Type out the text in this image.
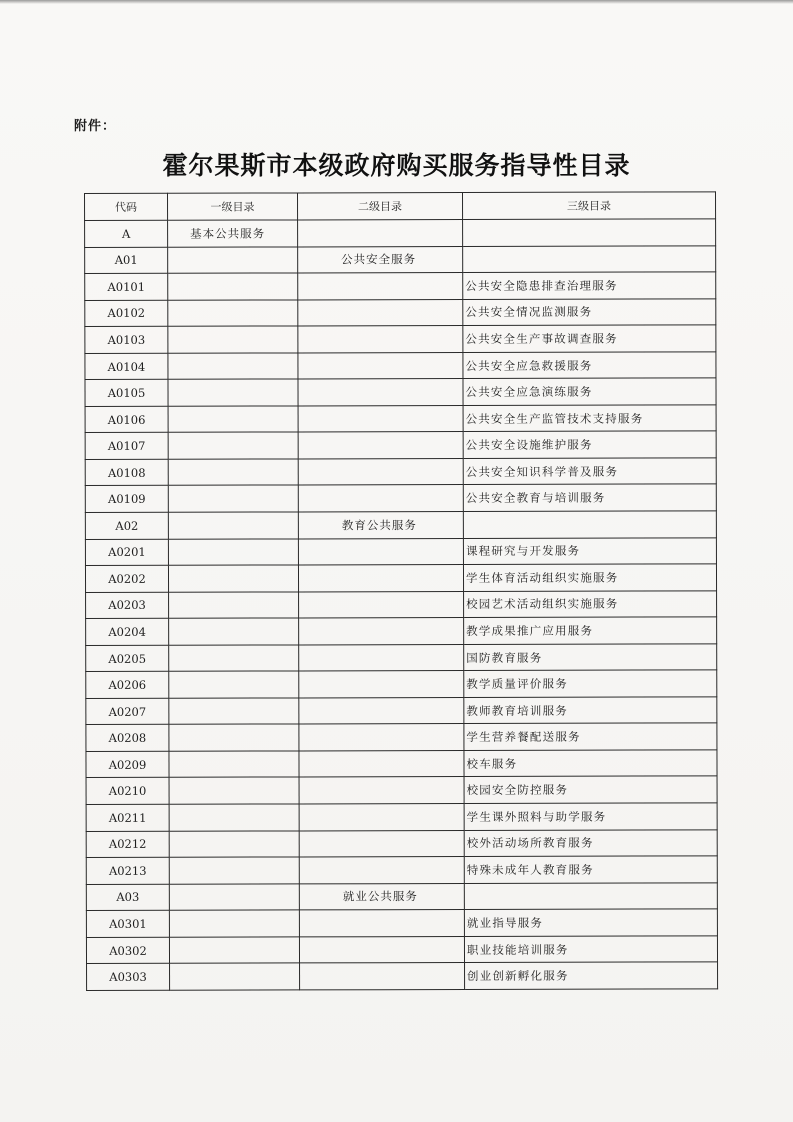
附件：
霍尔果斯市本级政府购买服务指导性目录
代码	一级目录	二级目录	三级目录
A	基本公共服务		
A01		公共安全服务	
A0101			公共安全隐患排查治理服务
A0102			公共安全情况监测服务
A0103			公共安全生产事故调查服务
A0104			公共安全应急救援服务
A0105			公共安全应急演练服务
A0106			公共安全生产监管技术支持服务
A0107			公共安全设施维护服务
A0108			公共安全知识科学普及服务
A0109			公共安全教育与培训服务
A02		教育公共服务	
A0201			课程研究与开发服务
A0202			学生体育活动组织实施服务
A0203			校园艺术活动组织实施服务
A0204			教学成果推广应用服务
A0205			国防教育服务
A0206			教学质量评价服务
A0207			教师教育培训服务
A0208			学生营养餐配送服务
A0209			校车服务
A0210			校园安全防控服务
A0211			学生课外照料与助学服务
A0212			校外活动场所教育服务
A0213			特殊未成年人教育服务
A03		就业公共服务	
A0301			就业指导服务
A0302			职业技能培训服务
A0303			创业创新孵化服务
